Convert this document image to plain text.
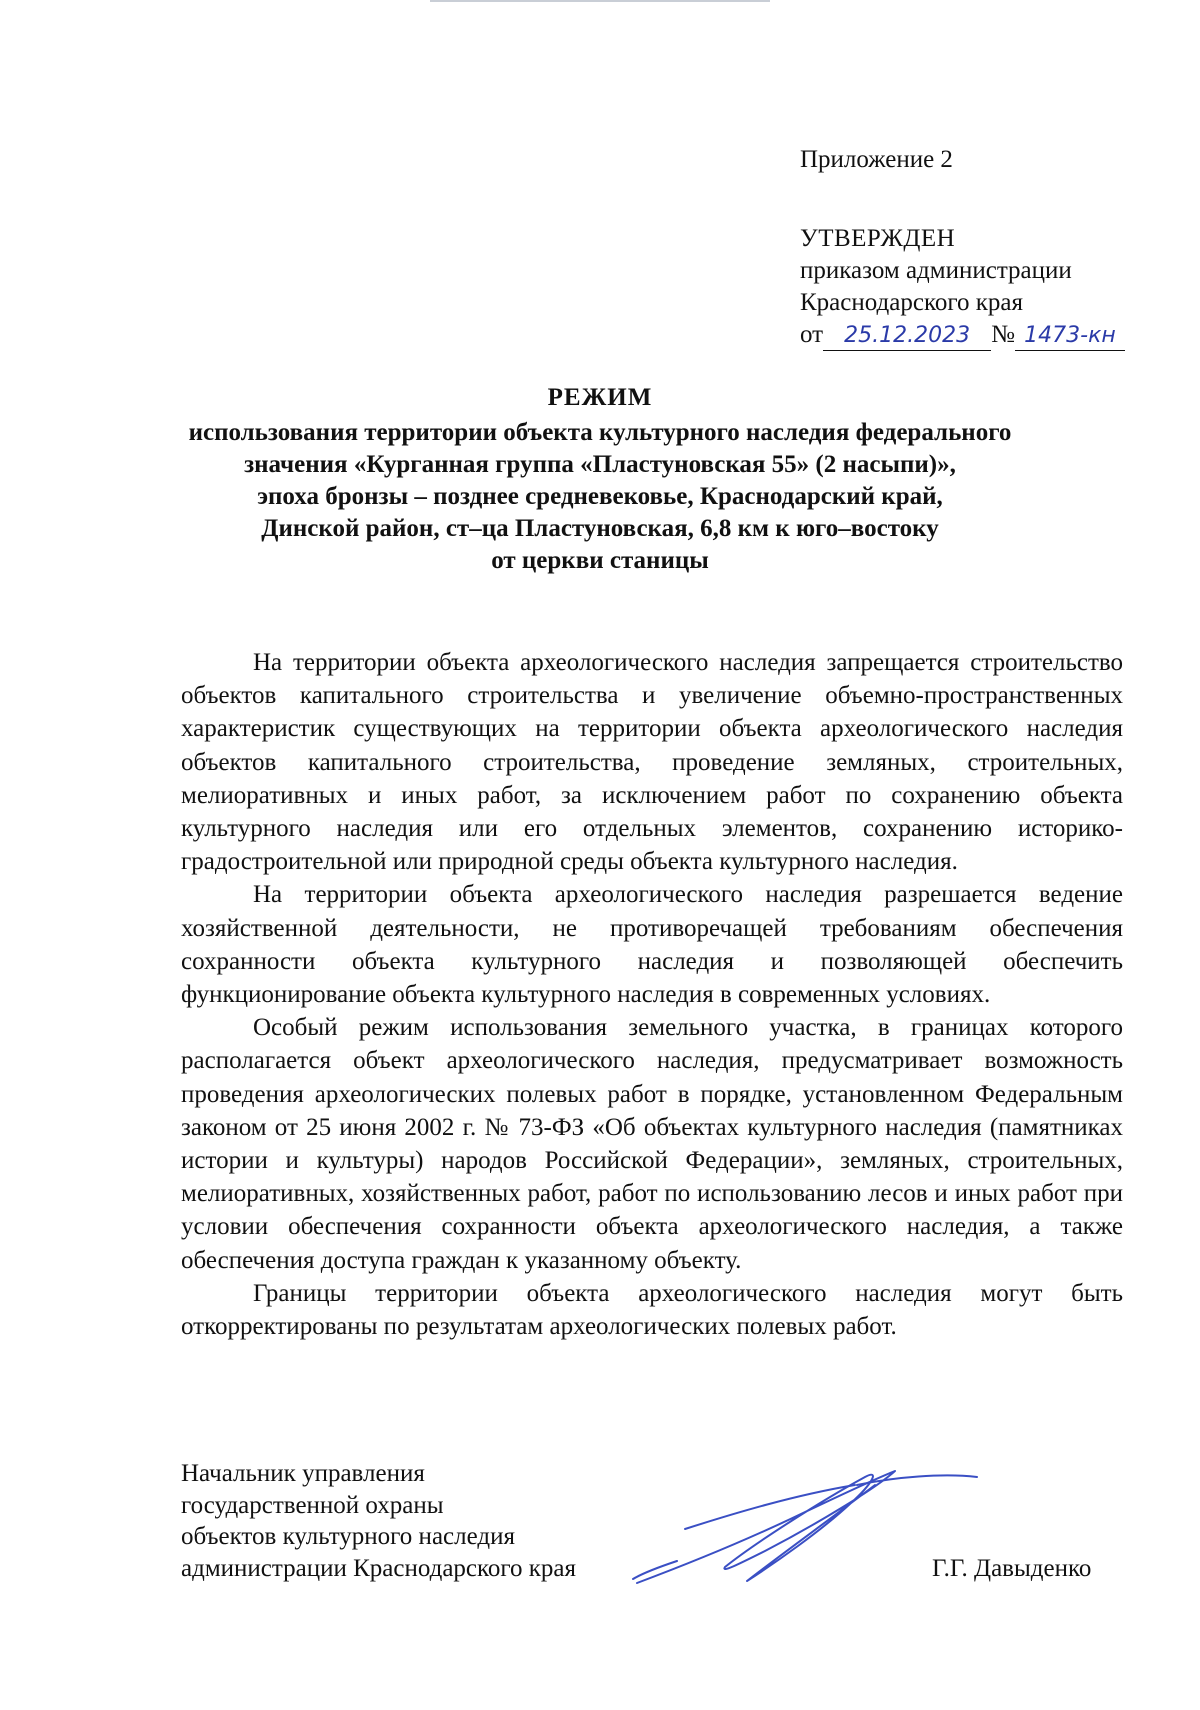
Приложение 2
УТВЕРЖДЕН
приказом администрации
Краснодарского края
от 25.12.2023 № 1473-кн
РЕЖИМ
использования территории объекта культурного наследия федерального
значения «Курганная группа «Пластуновская 55» (2 насыпи)»,
эпоха бронзы – позднее средневековье, Краснодарский край,
Динской район, ст–ца Пластуновская, 6,8 км к юго–востоку
от церкви станицы

На территории объекта археологического наследия запрещается строительство объектов капитального строительства и увеличение объемно-пространственных характеристик существующих на территории объекта археологического наследия объектов капитального строительства, проведение земляных, строительных, мелиоративных и иных работ, за исключением работ по сохранению объекта культурного наследия или его отдельных элементов, сохранению историко-градостроительной или природной среды объекта культурного наследия.

На территории объекта археологического наследия разрешается ведение хозяйственной деятельности, не противоречащей требованиям обеспечения сохранности объекта культурного наследия и позволяющей обеспечить функционирование объекта культурного наследия в современных условиях.

Особый режим использования земельного участка, в границах которого располагается объект археологического наследия, предусматривает возможность проведения археологических полевых работ в порядке, установленном Федеральным законом от 25 июня 2002 г. № 73-ФЗ «Об объектах культурного наследия (памятниках истории и культуры) народов Российской Федерации», земляных, строительных, мелиоративных, хозяйственных работ, работ по использованию лесов и иных работ при условии обеспечения сохранности объекта археологического наследия, а также обеспечения доступа граждан к указанному объекту.

Границы территории объекта археологического наследия могут быть откорректированы по результатам археологических полевых работ.

Начальник управления
государственной охраны
объектов культурного наследия
администрации Краснодарского края	Г.Г. Давыденко
